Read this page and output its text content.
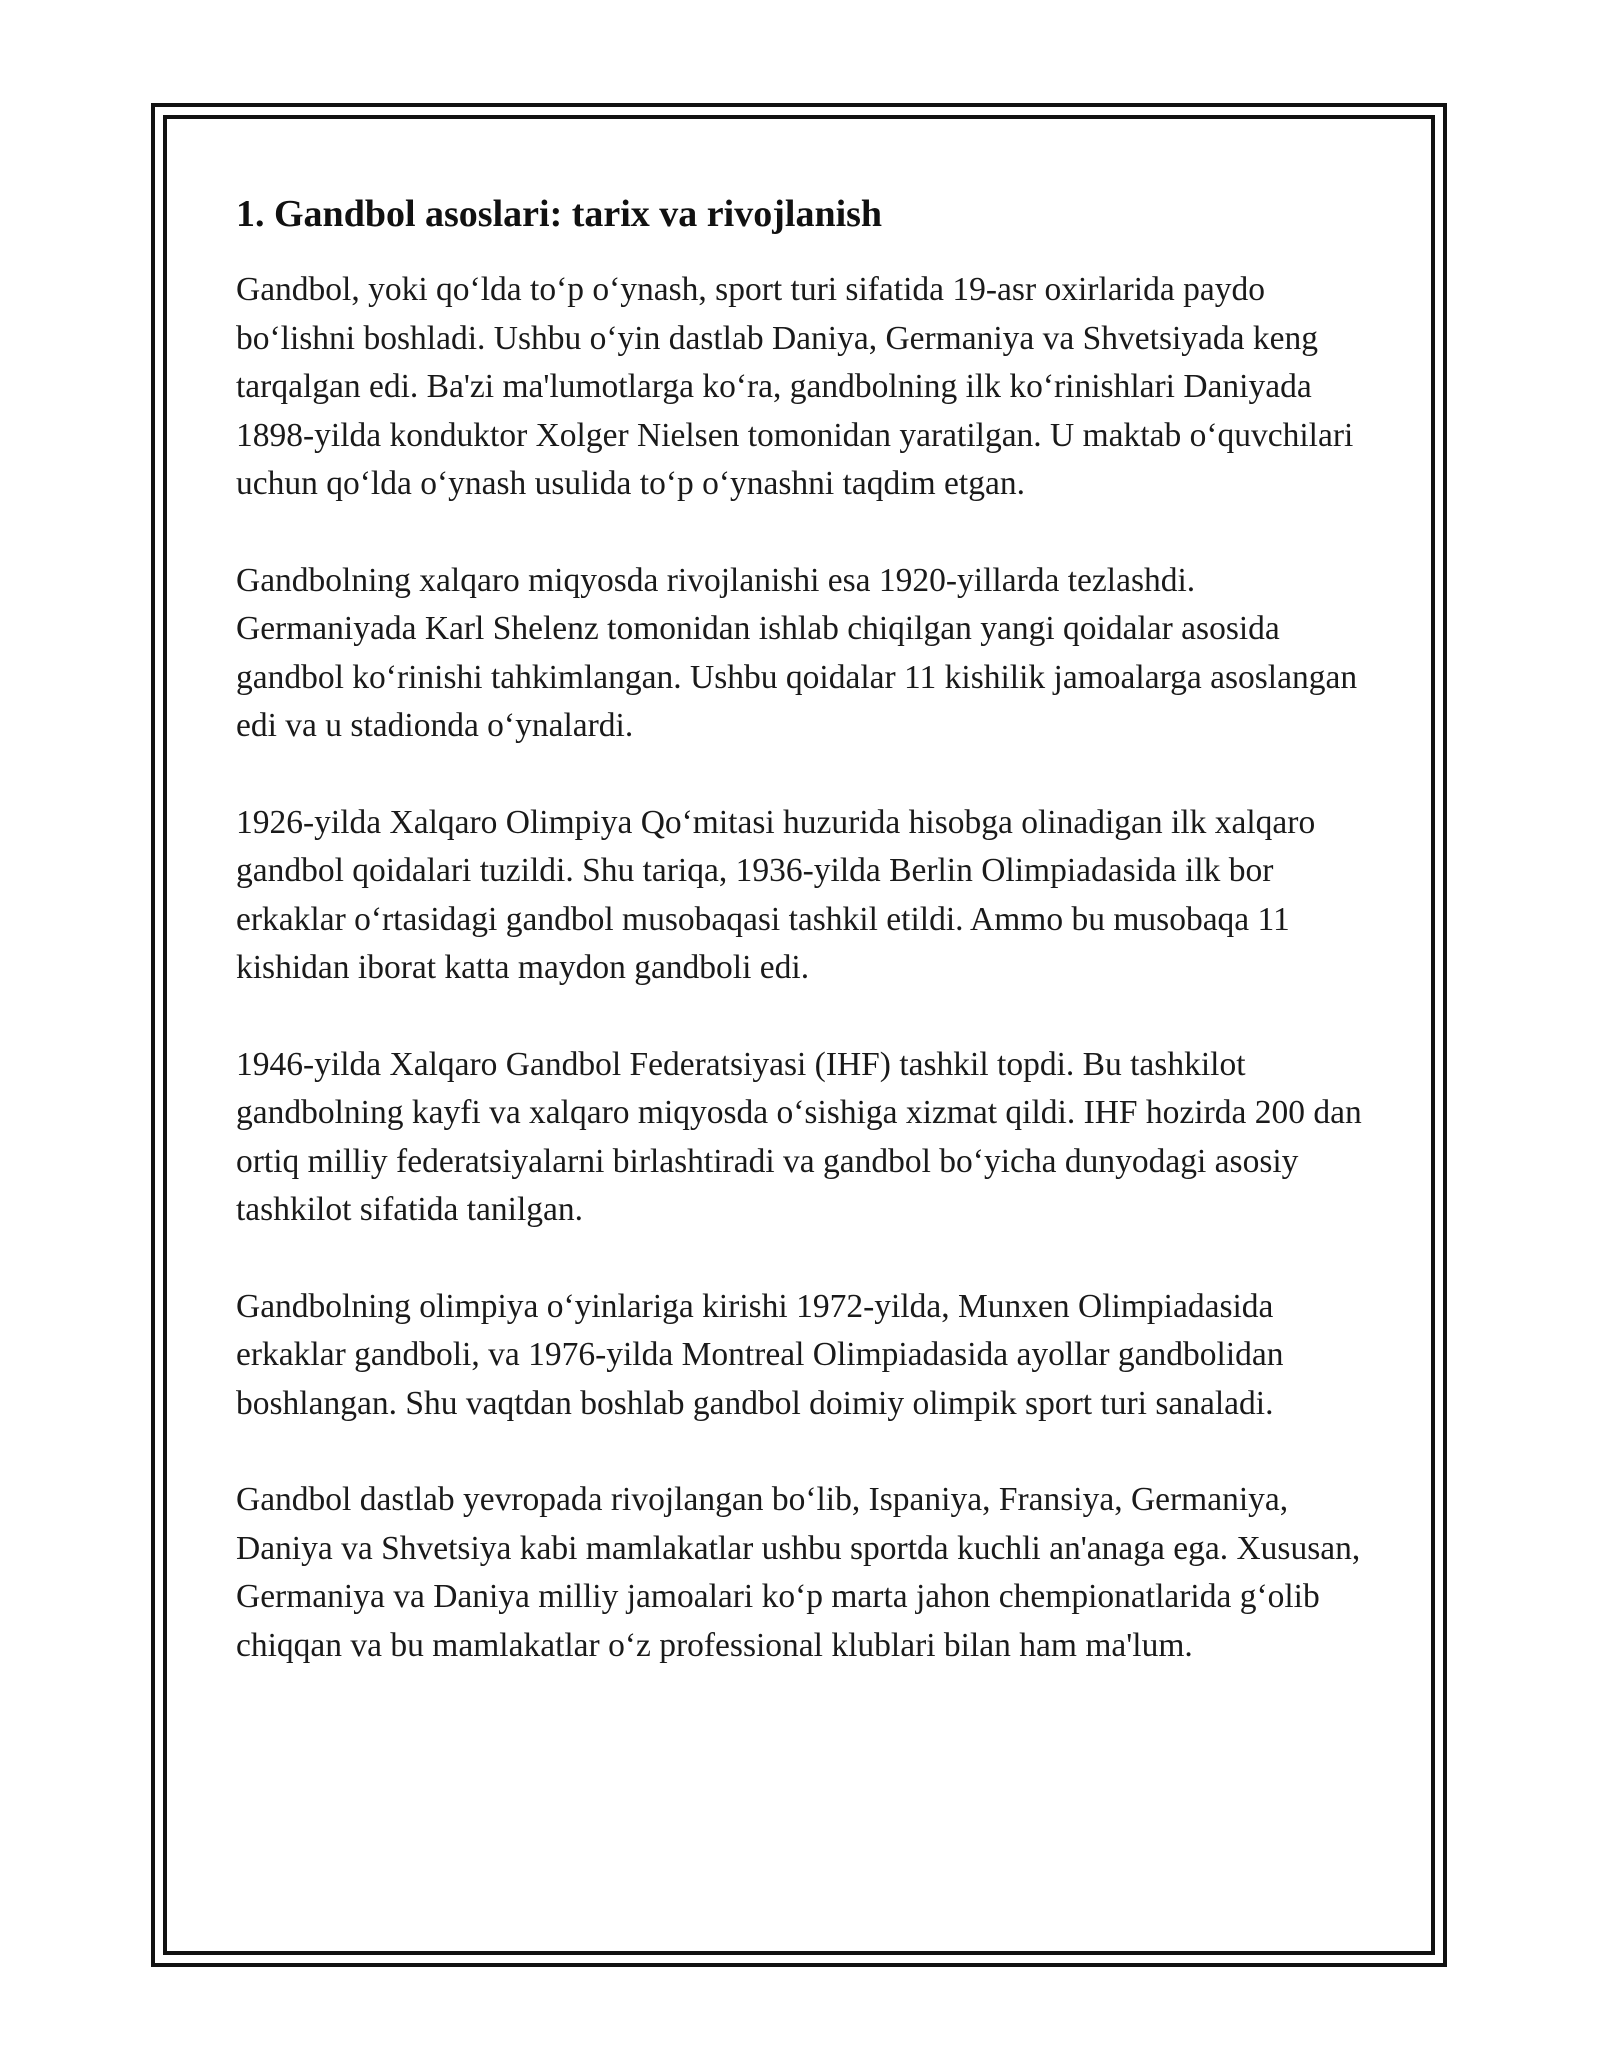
1. Gandbol asoslari: tarix va rivojlanish

Gandbol, yoki qoʻlda toʻp oʻynash, sport turi sifatida 19-asr oxirlarida paydo boʻlishni boshladi. Ushbu oʻyin dastlab Daniya, Germaniya va Shvetsiyada keng tarqalgan edi. Ba'zi ma'lumotlarga koʻra, gandbolning ilk koʻrinishlari Daniyada 1898-yilda konduktor Xolger Nielsen tomonidan yaratilgan. U maktab oʻquvchilari uchun qoʻlda oʻynash usulida toʻp oʻynashni taqdim etgan.

Gandbolning xalqaro miqyosda rivojlanishi esa 1920-yillarda tezlashdi. Germaniyada Karl Shelenz tomonidan ishlab chiqilgan yangi qoidalar asosida gandbol koʻrinishi tahkimlangan. Ushbu qoidalar 11 kishilik jamoalarga asoslangan edi va u stadionda oʻynalardi.

1926-yilda Xalqaro Olimpiya Qoʻmitasi huzurida hisobga olinadigan ilk xalqaro gandbol qoidalari tuzildi. Shu tariqa, 1936-yilda Berlin Olimpiadasida ilk bor erkaklar oʻrtasidagi gandbol musobaqasi tashkil etildi. Ammo bu musobaqa 11 kishidan iborat katta maydon gandboli edi.

1946-yilda Xalqaro Gandbol Federatsiyasi (IHF) tashkil topdi. Bu tashkilot gandbolning kayfi va xalqaro miqyosda oʻsishiga xizmat qildi. IHF hozirda 200 dan ortiq milliy federatsiyalarni birlashtiradi va gandbol boʻyicha dunyodagi asosiy tashkilot sifatida tanilgan.

Gandbolning olimpiya oʻyinlariga kirishi 1972-yilda, Munxen Olimpiadasida erkaklar gandboli, va 1976-yilda Montreal Olimpiadasida ayollar gandbolidan boshlangan. Shu vaqtdan boshlab gandbol doimiy olimpik sport turi sanaladi.

Gandbol dastlab yevropada rivojlangan boʻlib, Ispaniya, Fransiya, Germaniya, Daniya va Shvetsiya kabi mamlakatlar ushbu sportda kuchli an'anaga ega. Xususan, Germaniya va Daniya milliy jamoalari koʻp marta jahon chempionatlarida gʻolib chiqqan va bu mamlakatlar oʻz professional klublari bilan ham ma'lum.
